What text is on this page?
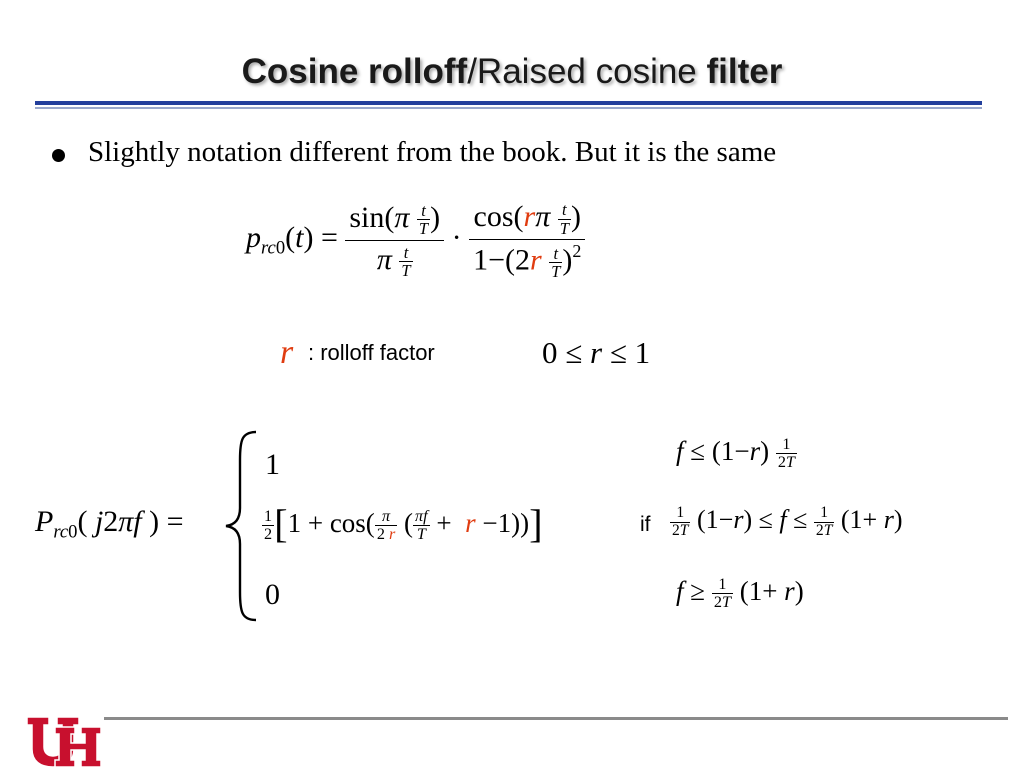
Cosine rolloff/Raised cosine filter
Slightly notation different from the book. But it is the same
$p_{rc0}(t) = \frac{\sin(\pi \frac{t}{T} )}{\pi \frac{t}{T}} \cdot \frac{\cos(r\pi \frac{t}{T} )}{1-(2r \frac{t}{T} )^2}$
r : rolloff factor	0 ≤ r ≤ 1
$P_{rc0}$( j2πf ) =
1
$\frac{1}{2} [1 + \cos( \frac{\pi}{2 r}$ ( $\frac{\pi f}{T} + r -1$))]
0
$f \le (1-r) \frac{1}{2T}$
if $\frac{1}{2T} (1-r) \le f \le \frac{1}{2T} (1+ r)$
$f \ge \frac{1}{2T} (1+ r)$
